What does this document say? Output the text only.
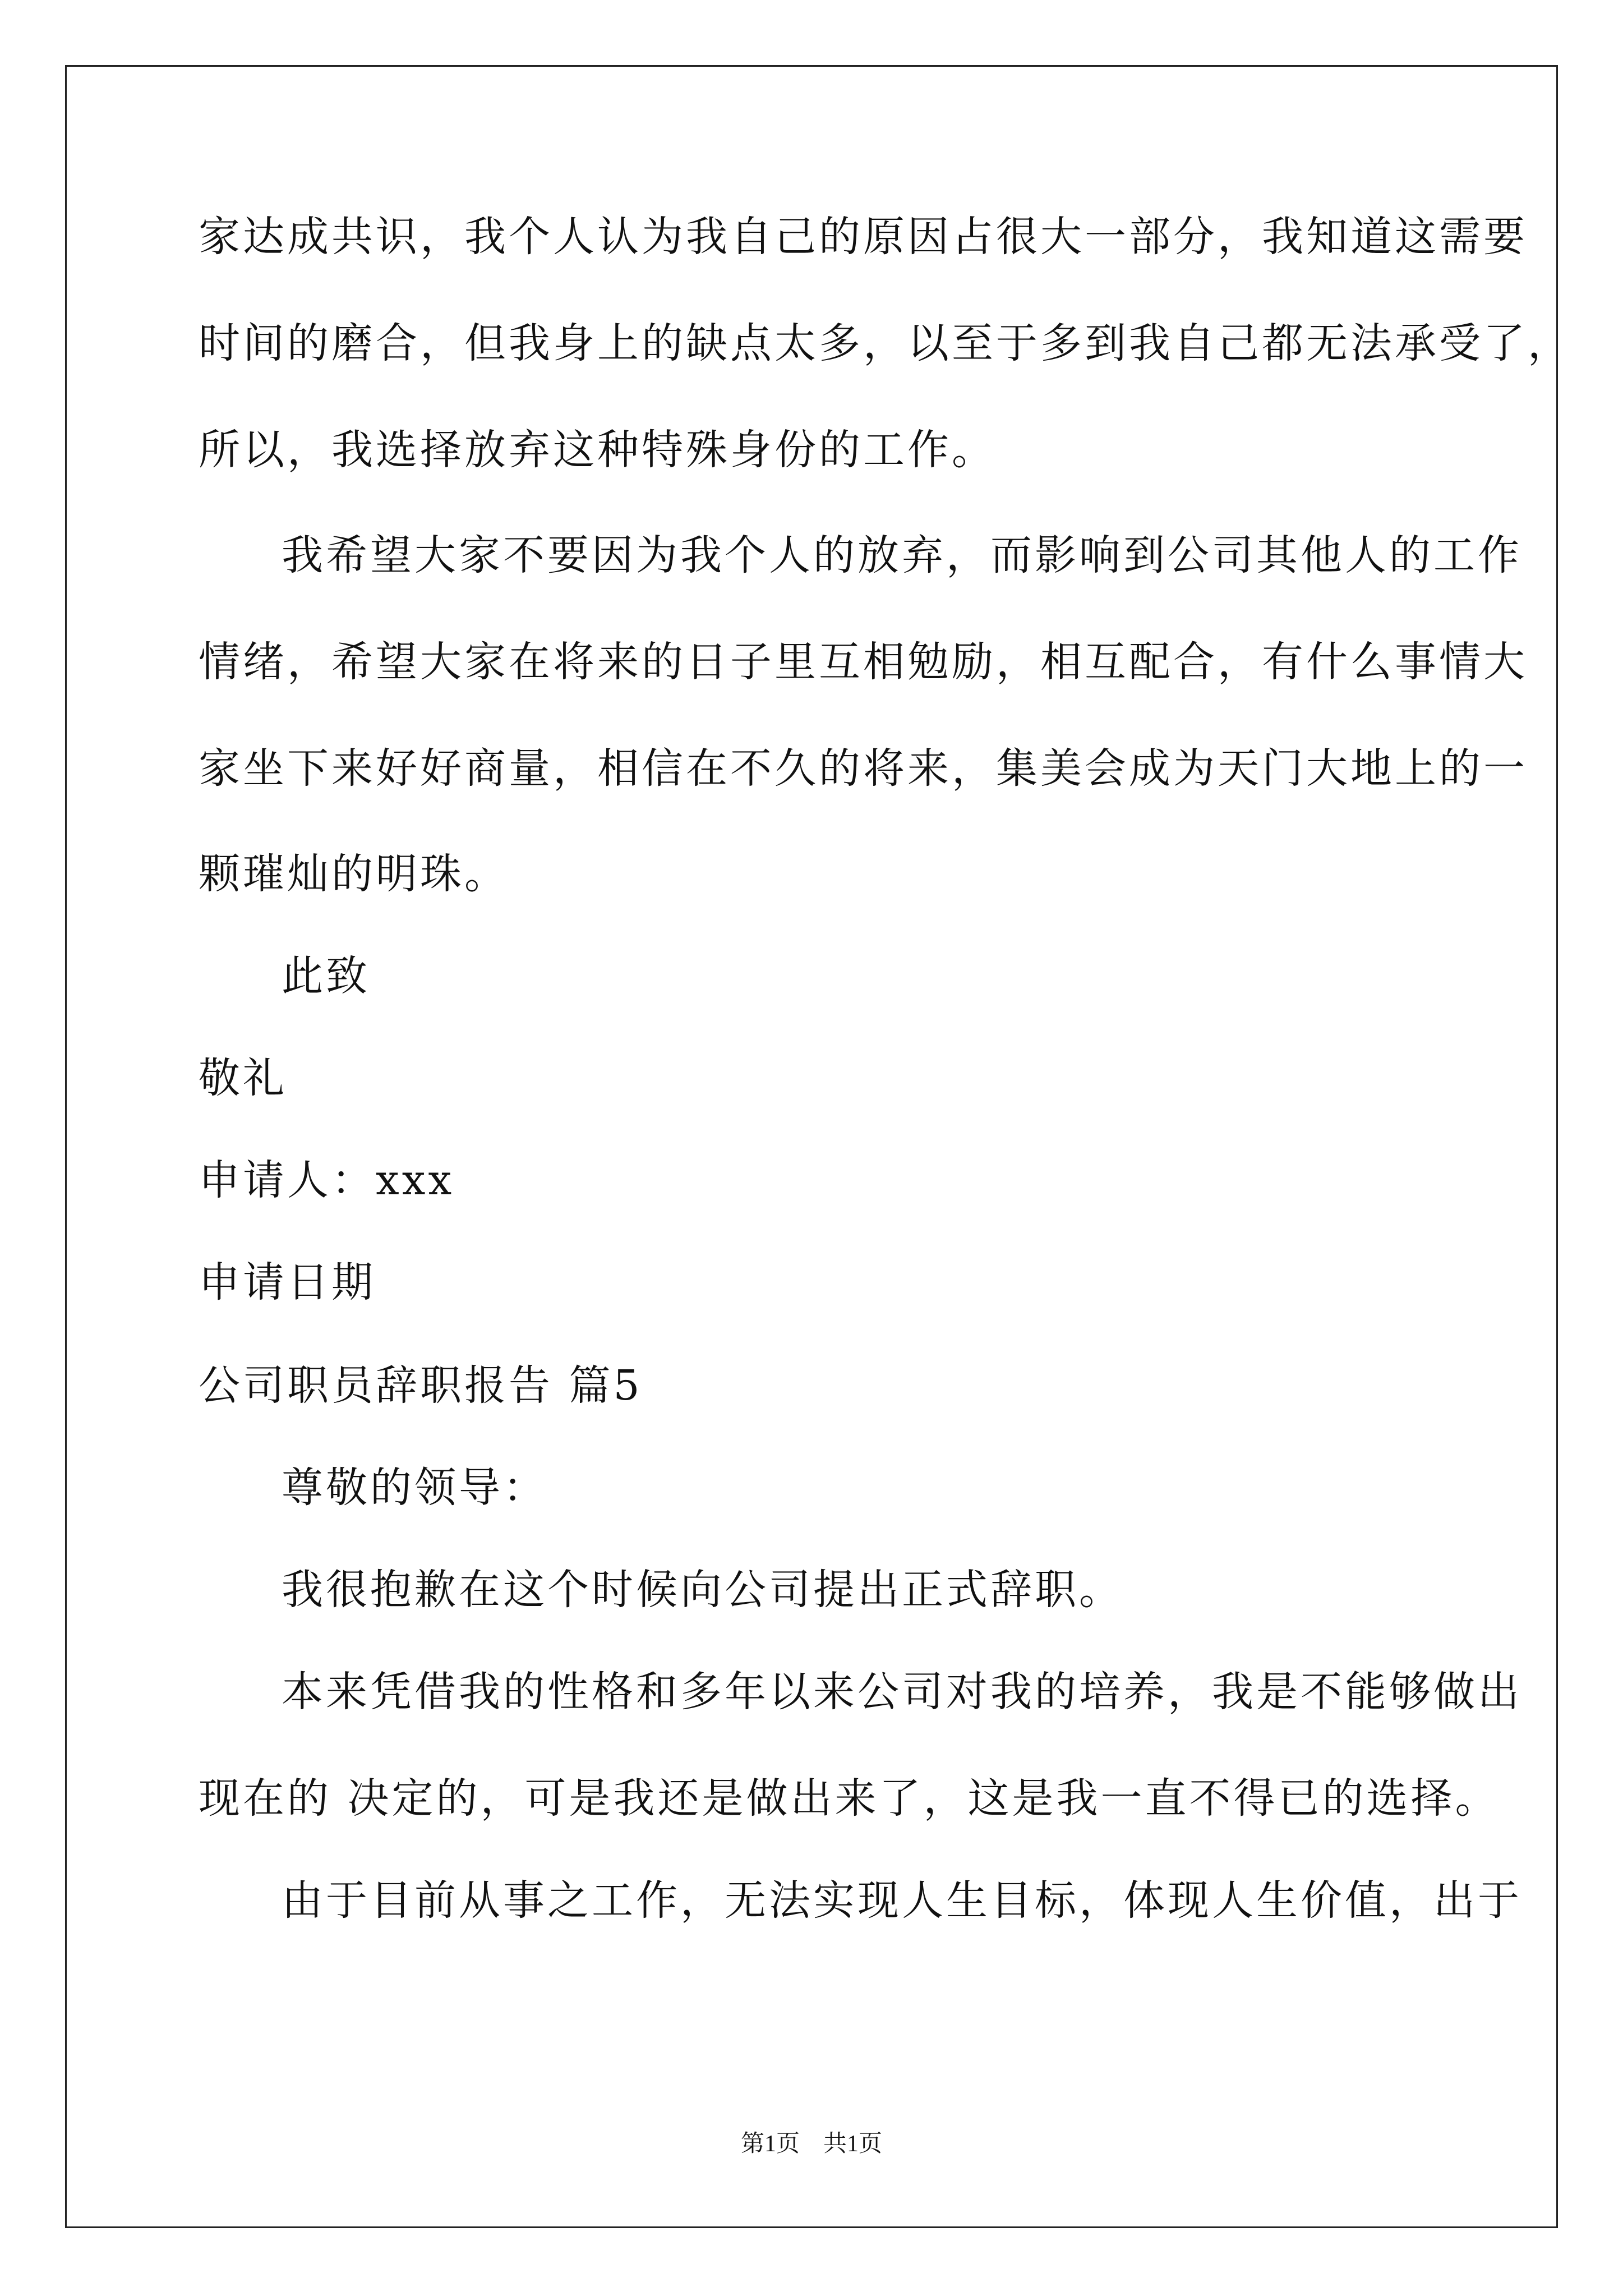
家达成共识，我个人认为我自己的原因占很大一部分，我知道这需要
时间的磨合，但我身上的缺点太多，以至于多到我自己都无法承受了，
所以，我选择放弃这种特殊身份的工作。
我希望大家不要因为我个人的放弃，而影响到公司其他人的工作
情绪，希望大家在将来的日子里互相勉励，相互配合，有什么事情大
家坐下来好好商量，相信在不久的将来，集美会成为天门大地上的一
颗璀灿的明珠。
此致
敬礼
申请人：xxx
申请日期
公司职员辞职报告 篇5
尊敬的领导：
我很抱歉在这个时候向公司提出正式辞职。
本来凭借我的性格和多年以来公司对我的培养，我是不能够做出
现在的 决定的，可是我还是做出来了，这是我一直不得已的选择。
由于目前从事之工作，无法实现人生目标，体现人生价值，出于
第1页　共1页
